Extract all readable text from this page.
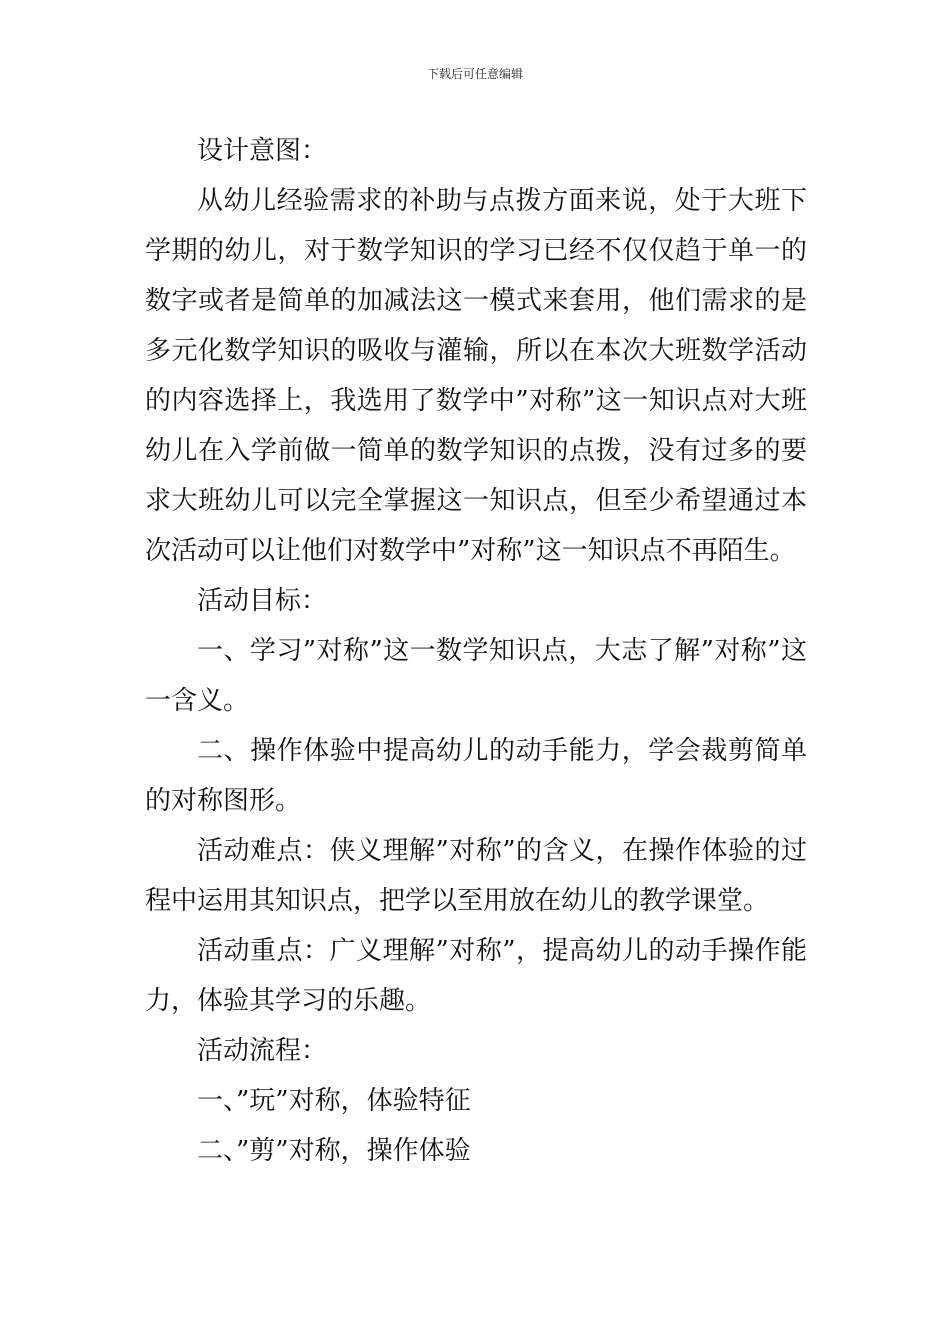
下载后可任意编辑

设计意图：

从幼儿经验需求的补助与点拨方面来说，处于大班下学期的幼儿，对于数学知识的学习已经不仅仅趋于单一的数字或者是简单的加减法这一模式来套用，他们需求的是多元化数学知识的吸收与灌输，所以在本次大班数学活动的内容选择上，我选用了数学中”对称”这一知识点对大班幼儿在入学前做一简单的数学知识的点拨，没有过多的要求大班幼儿可以完全掌握这一知识点，但至少希望通过本次活动可以让他们对数学中”对称”这一知识点不再陌生。

活动目标：

一、学习”对称”这一数学知识点，大志了解”对称”这一含义。

二、操作体验中提高幼儿的动手能力，学会裁剪简单的对称图形。

活动难点：侠义理解”对称”的含义，在操作体验的过程中运用其知识点，把学以至用放在幼儿的教学课堂。

活动重点：广义理解”对称”，提高幼儿的动手操作能力，体验其学习的乐趣。

活动流程：

一、”玩”对称，体验特征

二、”剪”对称，操作体验
